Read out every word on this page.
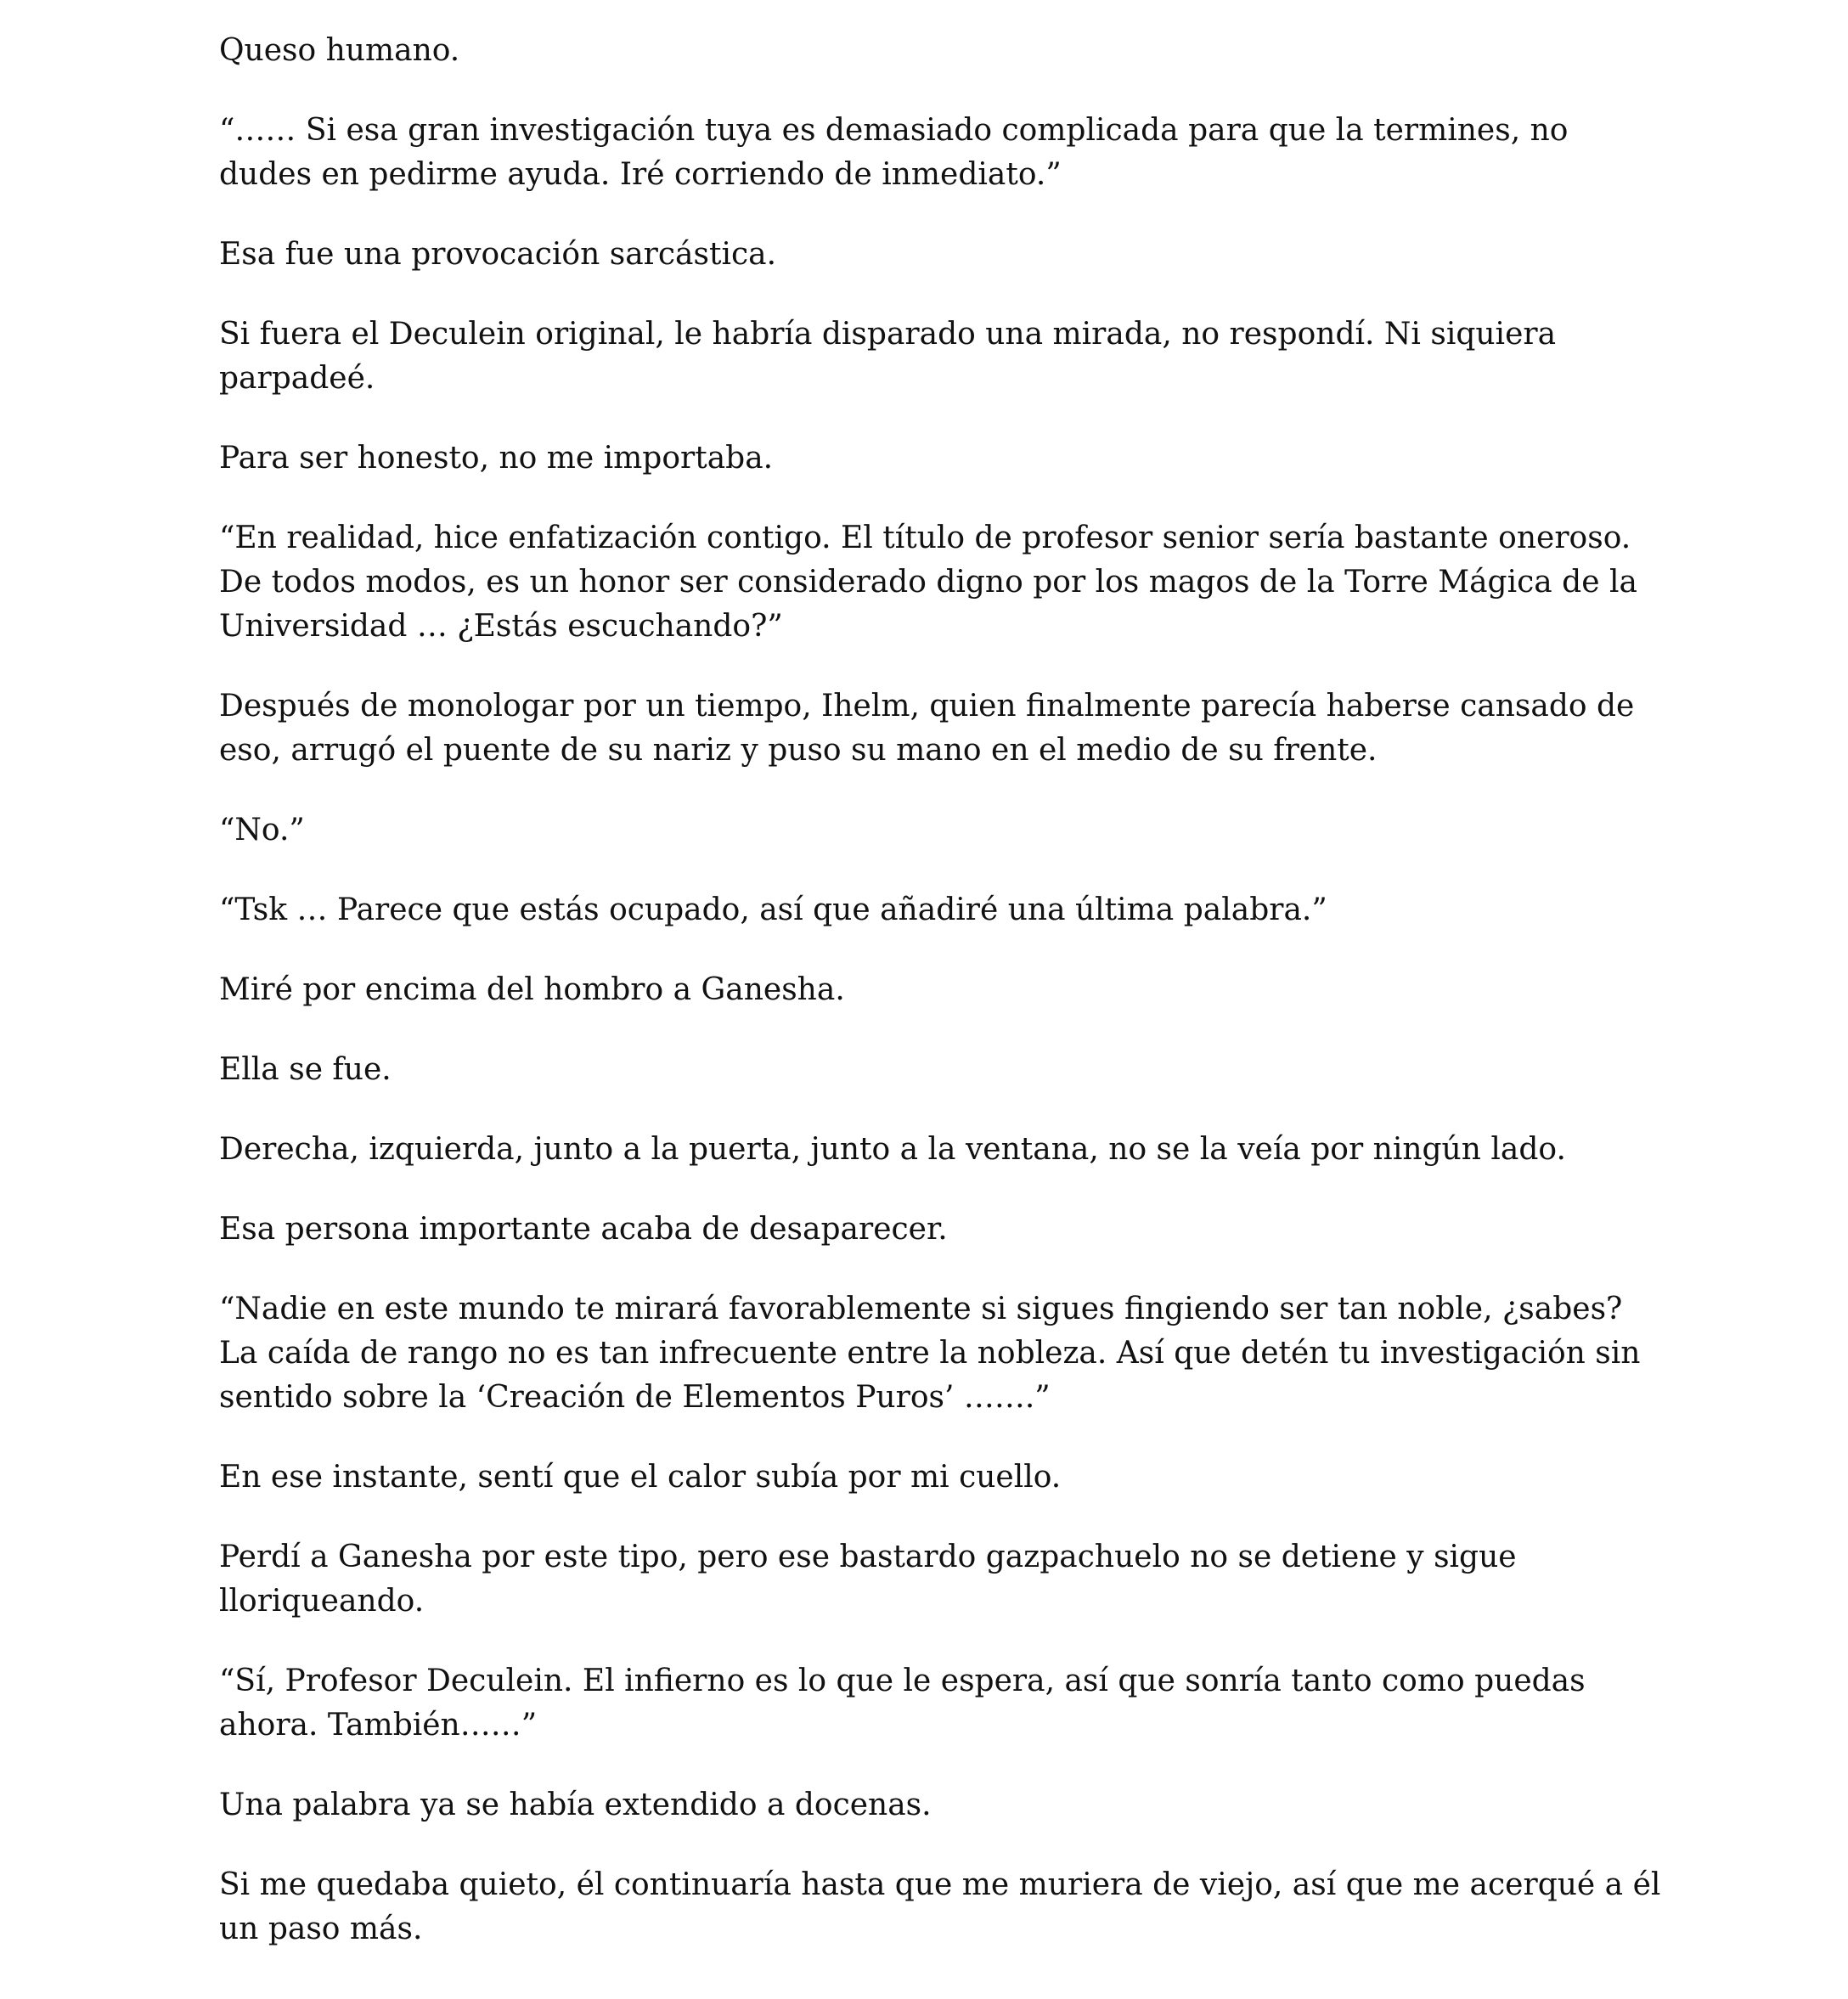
Queso humano.

“…… Si esa gran investigación tuya es demasiado complicada para que la termines, no
dudes en pedirme ayuda. Iré corriendo de inmediato.”

Esa fue una provocación sarcástica.

Si fuera el Deculein original, le habría disparado una mirada, no respondí. Ni siquiera
parpadeé.

Para ser honesto, no me importaba.

“En realidad, hice enfatización contigo. El título de profesor senior sería bastante oneroso.
De todos modos, es un honor ser considerado digno por los magos de la Torre Mágica de la
Universidad … ¿Estás escuchando?”

Después de monologar por un tiempo, Ihelm, quien finalmente parecía haberse cansado de
eso, arrugó el puente de su nariz y puso su mano en el medio de su frente.

“No.”

“Tsk … Parece que estás ocupado, así que añadiré una última palabra.”

Miré por encima del hombro a Ganesha.

Ella se fue.

Derecha, izquierda, junto a la puerta, junto a la ventana, no se la veía por ningún lado.

Esa persona importante acaba de desaparecer.

“Nadie en este mundo te mirará favorablemente si sigues fingiendo ser tan noble, ¿sabes?
La caída de rango no es tan infrecuente entre la nobleza. Así que detén tu investigación sin
sentido sobre la ‘Creación de Elementos Puros’ …….”

En ese instante, sentí que el calor subía por mi cuello.

Perdí a Ganesha por este tipo, pero ese bastardo gazpachuelo no se detiene y sigue
lloriqueando.

“Sí, Profesor Deculein. El infierno es lo que le espera, así que sonría tanto como puedas
ahora. También……”

Una palabra ya se había extendido a docenas.

Si me quedaba quieto, él continuaría hasta que me muriera de viejo, así que me acerqué a él
un paso más.
